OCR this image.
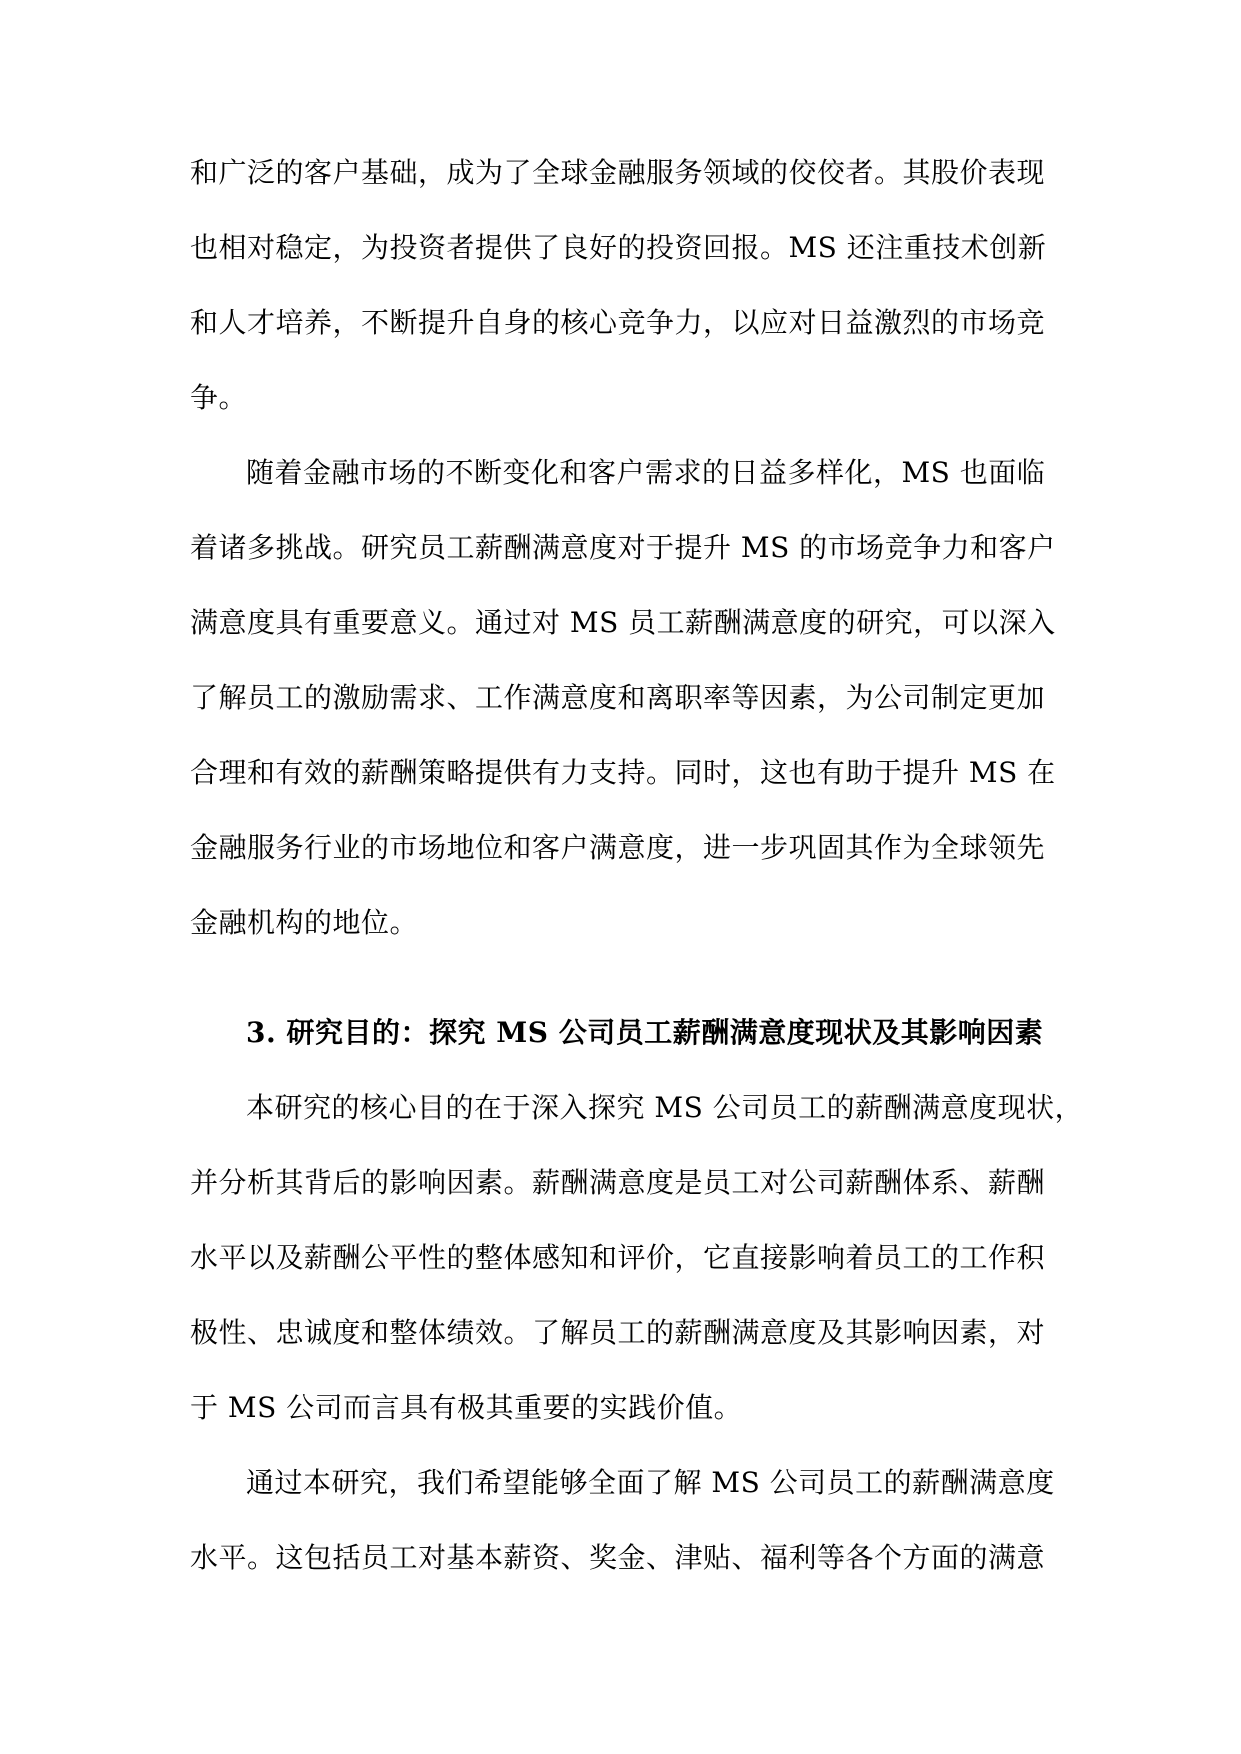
和广泛的客户基础，成为了全球金融服务领域的佼佼者。其股价表现
也相对稳定，为投资者提供了良好的投资回报。MS 还注重技术创新
和人才培养，不断提升自身的核心竞争力，以应对日益激烈的市场竞
争。
随着金融市场的不断变化和客户需求的日益多样化，MS 也面临
着诸多挑战。研究员工薪酬满意度对于提升 MS 的市场竞争力和客户
满意度具有重要意义。通过对 MS 员工薪酬满意度的研究，可以深入
了解员工的激励需求、工作满意度和离职率等因素，为公司制定更加
合理和有效的薪酬策略提供有力支持。同时，这也有助于提升 MS 在
金融服务行业的市场地位和客户满意度，进一步巩固其作为全球领先
金融机构的地位。
3. 研究目的：探究 MS 公司员工薪酬满意度现状及其影响因素
本研究的核心目的在于深入探究 MS 公司员工的薪酬满意度现状，
并分析其背后的影响因素。薪酬满意度是员工对公司薪酬体系、薪酬
水平以及薪酬公平性的整体感知和评价，它直接影响着员工的工作积
极性、忠诚度和整体绩效。了解员工的薪酬满意度及其影响因素，对
于 MS 公司而言具有极其重要的实践价值。
通过本研究，我们希望能够全面了解 MS 公司员工的薪酬满意度
水平。这包括员工对基本薪资、奖金、津贴、福利等各个方面的满意
